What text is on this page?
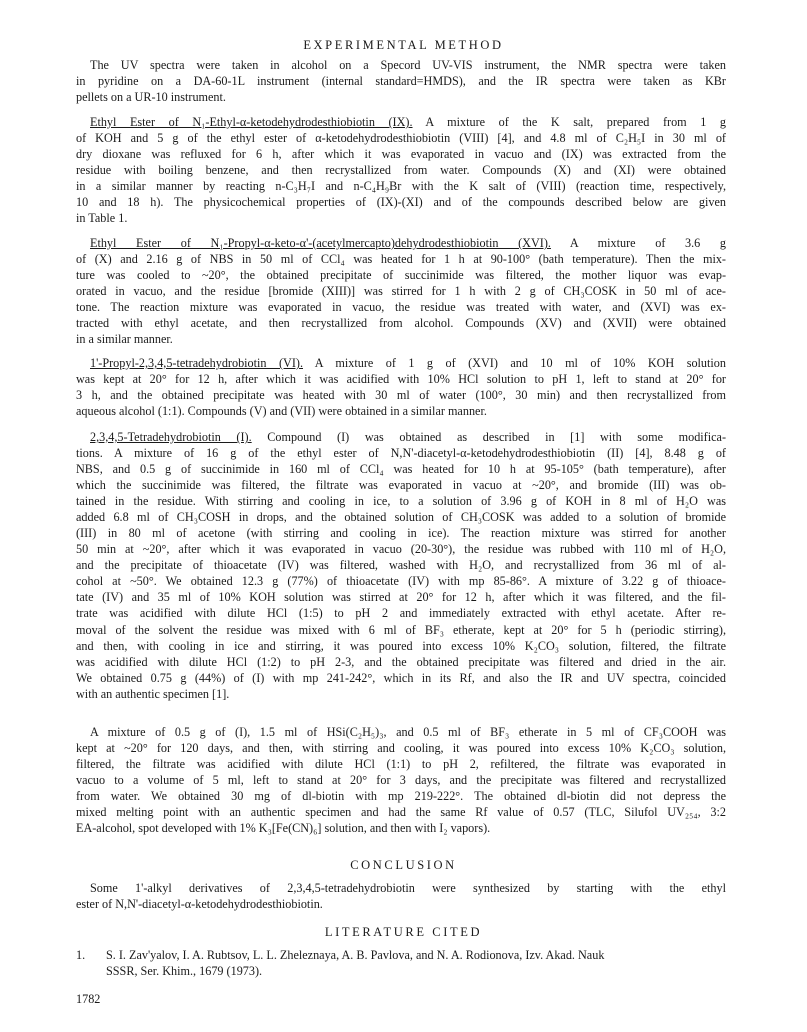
EXPERIMENTAL METHOD
The UV spectra were taken in alcohol on a Specord UV-VIS instrument, the NMR spectra were taken
in pyridine on a DA-60-1L instrument (internal standard=HMDS), and the IR spectra were taken as KBr
pellets on a UR-10 instrument.
Ethyl Ester of N₁-Ethyl-α-ketodehydrodesthiobiotin (IX). A mixture of the K salt, prepared from 1 g
of KOH and 5 g of the ethyl ester of α-ketodehydrodesthiobiotin (VIII) [4], and 4.8 ml of C₂H₅I in 30 ml of
dry dioxane was refluxed for 6 h, after which it was evaporated in vacuo and (IX) was extracted from the
residue with boiling benzene, and then recrystallized from water. Compounds (X) and (XI) were obtained
in a similar manner by reacting n-C₃H₇I and n-C₄H₉Br with the K salt of (VIII) (reaction time, respectively,
10 and 18 h). The physicochemical properties of (IX)-(XI) and of the compounds described below are given
in Table 1.
Ethyl Ester of N₁-Propyl-α-keto-α'-(acetylmercapto)dehydrodesthiobiotin (XVI). A mixture of 3.6 g
of (X) and 2.16 g of NBS in 50 ml of CCl₄ was heated for 1 h at 90-100° (bath temperature). Then the mix-
ture was cooled to ~20°, the obtained precipitate of succinimide was filtered, the mother liquor was evap-
orated in vacuo, and the residue [bromide (XIII)] was stirred for 1 h with 2 g of CH₃COSK in 50 ml of ace-
tone. The reaction mixture was evaporated in vacuo, the residue was treated with water, and (XVI) was ex-
tracted with ethyl acetate, and then recrystallized from alcohol. Compounds (XV) and (XVII) were obtained
in a similar manner.
1'-Propyl-2,3,4,5-tetradehydrobiotin (VI). A mixture of 1 g of (XVI) and 10 ml of 10% KOH solution
was kept at 20° for 12 h, after which it was acidified with 10% HCl solution to pH 1, left to stand at 20° for
3 h, and the obtained precipitate was heated with 30 ml of water (100°, 30 min) and then recrystallized from
aqueous alcohol (1:1). Compounds (V) and (VII) were obtained in a similar manner.
2,3,4,5-Tetradehydrobiotin (I). Compound (I) was obtained as described in [1] with some modifica-
tions. A mixture of 16 g of the ethyl ester of N,N'-diacetyl-α-ketodehydrodesthiobiotin (II) [4], 8.48 g of
NBS, and 0.5 g of succinimide in 160 ml of CCl₄ was heated for 10 h at 95-105° (bath temperature), after
which the succinimide was filtered, the filtrate was evaporated in vacuo at ~20°, and bromide (III) was ob-
tained in the residue. With stirring and cooling in ice, to a solution of 3.96 g of KOH in 8 ml of H₂O was
added 6.8 ml of CH₃COSH in drops, and the obtained solution of CH₃COSK was added to a solution of bromide
(III) in 80 ml of acetone (with stirring and cooling in ice). The reaction mixture was stirred for another
50 min at ~20°, after which it was evaporated in vacuo (20-30°), the residue was rubbed with 110 ml of H₂O,
and the precipitate of thioacetate (IV) was filtered, washed with H₂O, and recrystallized from 36 ml of al-
cohol at ~50°. We obtained 12.3 g (77%) of thioacetate (IV) with mp 85-86°. A mixture of 3.22 g of thioace-
tate (IV) and 35 ml of 10% KOH solution was stirred at 20° for 12 h, after which it was filtered, and the fil-
trate was acidified with dilute HCl (1:5) to pH 2 and immediately extracted with ethyl acetate. After re-
moval of the solvent the residue was mixed with 6 ml of BF₃ etherate, kept at 20° for 5 h (periodic stirring),
and then, with cooling in ice and stirring, it was poured into excess 10% K₂CO₃ solution, filtered, the filtrate
was acidified with dilute HCl (1:2) to pH 2-3, and the obtained precipitate was filtered and dried in the air.
We obtained 0.75 g (44%) of (I) with mp 241-242°, which in its Rf, and also the IR and UV spectra, coincided
with an authentic specimen [1].
A mixture of 0.5 g of (I), 1.5 ml of HSi(C₂H₅)₃, and 0.5 ml of BF₃ etherate in 5 ml of CF₃COOH was
kept at ~20° for 120 days, and then, with stirring and cooling, it was poured into excess 10% K₂CO₃ solution,
filtered, the filtrate was acidified with dilute HCl (1:1) to pH 2, refiltered, the filtrate was evaporated in
vacuo to a volume of 5 ml, left to stand at 20° for 3 days, and the precipitate was filtered and recrystallized
from water. We obtained 30 mg of dl-biotin with mp 219-222°. The obtained dl-biotin did not depress the
mixed melting point with an authentic specimen and had the same Rf value of 0.57 (TLC, Silufol UV₂₅₄, 3:2
EA-alcohol, spot developed with 1% K₃[Fe(CN)₆] solution, and then with I₂ vapors).
CONCLUSION
Some 1'-alkyl derivatives of 2,3,4,5-tetradehydrobiotin were synthesized by starting with the ethyl
ester of N,N'-diacetyl-α-ketodehydrodesthiobiotin.
LITERATURE CITED
1. S. I. Zav'yalov, I. A. Rubtsov, L. L. Zheleznaya, A. B. Pavlova, and N. A. Rodionova, Izv. Akad. Nauk
SSSR, Ser. Khim., 1679 (1973).
1782
